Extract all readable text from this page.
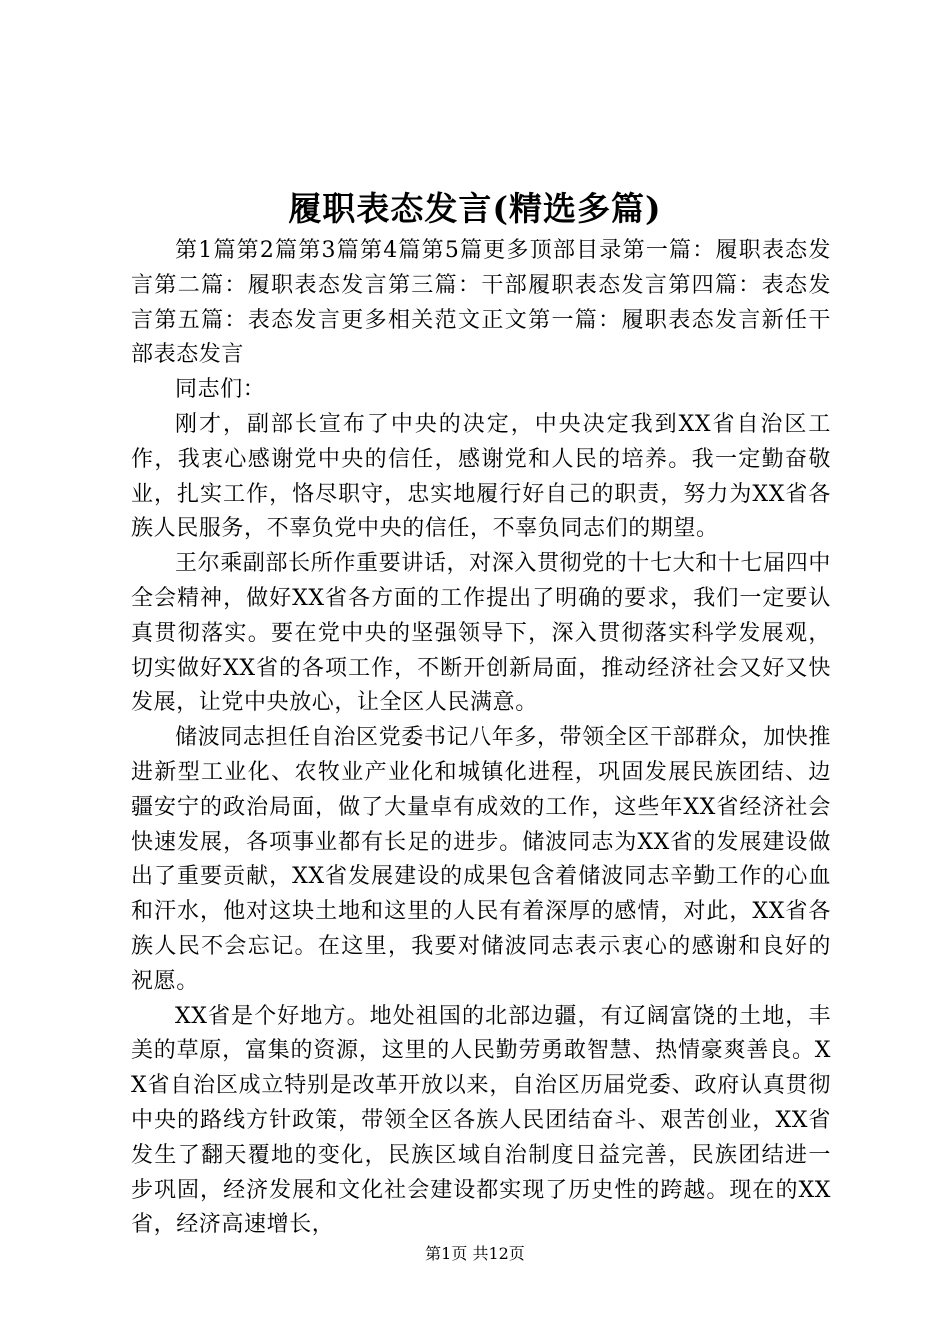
履职表态发言(精选多篇)

第1篇第2篇第3篇第4篇第5篇更多顶部目录第一篇：履职表态发言第二篇：履职表态发言第三篇：干部履职表态发言第四篇：表态发言第五篇：表态发言更多相关范文正文第一篇：履职表态发言新任干部表态发言

同志们：

刚才，副部长宣布了中央的决定，中央决定我到XX省自治区工作，我衷心感谢党中央的信任，感谢党和人民的培养。我一定勤奋敬业，扎实工作，恪尽职守，忠实地履行好自己的职责，努力为XX省各族人民服务，不辜负党中央的信任，不辜负同志们的期望。

王尔乘副部长所作重要讲话，对深入贯彻党的十七大和十七届四中全会精神，做好XX省各方面的工作提出了明确的要求，我们一定要认真贯彻落实。要在党中央的坚强领导下，深入贯彻落实科学发展观，切实做好XX省的各项工作，不断开创新局面，推动经济社会又好又快发展，让党中央放心，让全区人民满意。

储波同志担任自治区党委书记八年多，带领全区干部群众，加快推进新型工业化、农牧业产业化和城镇化进程，巩固发展民族团结、边疆安宁的政治局面，做了大量卓有成效的工作，这些年XX省经济社会快速发展，各项事业都有长足的进步。储波同志为XX省的发展建设做出了重要贡献，XX省发展建设的成果包含着储波同志辛勤工作的心血和汗水，他对这块土地和这里的人民有着深厚的感情，对此，XX省各族人民不会忘记。在这里，我要对储波同志表示衷心的感谢和良好的祝愿。

XX省是个好地方。地处祖国的北部边疆，有辽阔富饶的土地，丰美的草原，富集的资源，这里的人民勤劳勇敢智慧、热情豪爽善良。XX省自治区成立特别是改革开放以来，自治区历届党委、政府认真贯彻中央的路线方针政策，带领全区各族人民团结奋斗、艰苦创业，XX省发生了翻天覆地的变化，民族区域自治制度日益完善，民族团结进一步巩固，经济发展和文化社会建设都实现了历史性的跨越。现在的XX省，经济高速增长，

第1页 共12页
